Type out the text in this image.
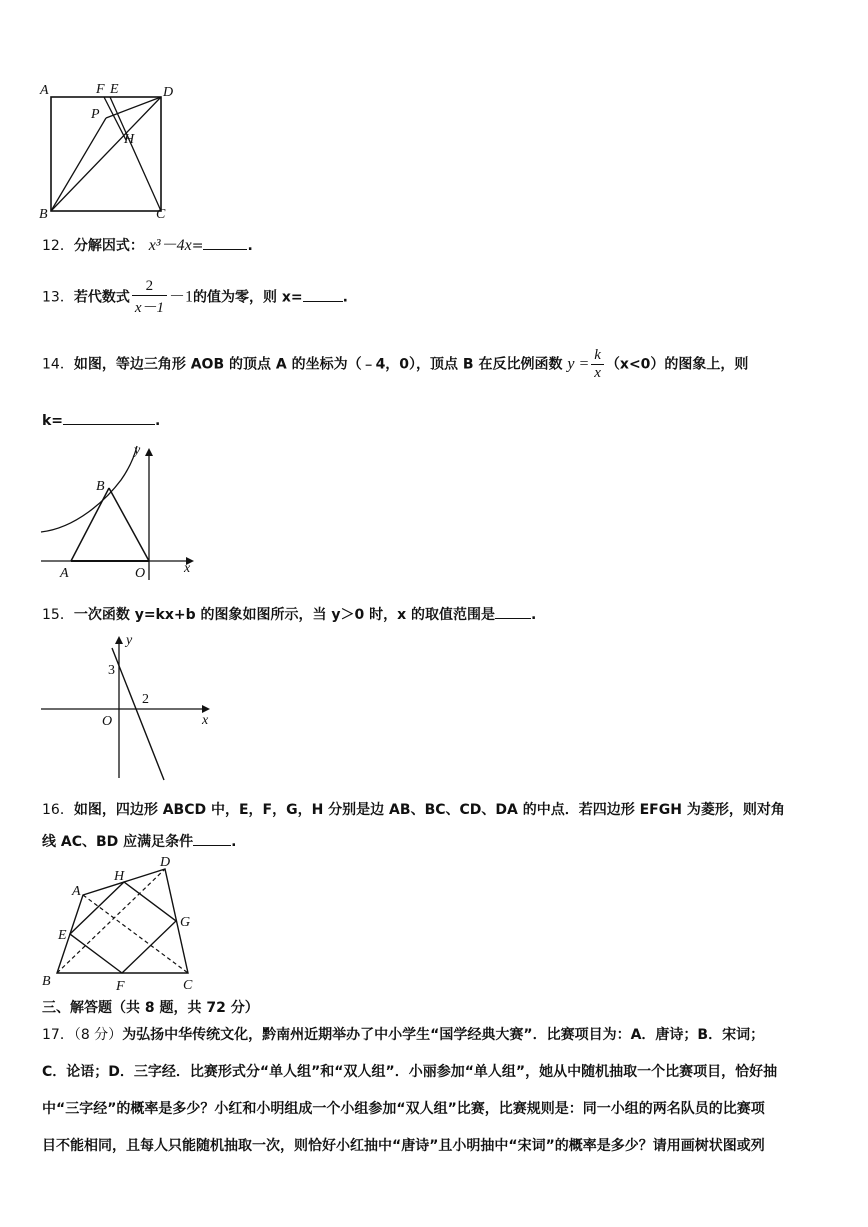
A	F E	D
P
H
B	C
12．分解因式： x³－4x=	.
13．若代数式 $\frac{2}{x-1} -1$的值为零，则 x=	.
14．如图，等边三角形 AOB 的顶点 A 的坐标为（﹣4，0），顶点 B 在反比例函数 $y = \frac{k}{x} (x<0)$的图象上，则
k=	.
y
B
A	O	x
15．一次函数 y=kx+b 的图象如图所示，当 y＞0 时，x 的取值范围是	.
y
3
2
O	x
16．如图，四边形 ABCD 中，E，F，G，H 分别是边 AB、BC、CD、DA 的中点．若四边形 EFGH 为菱形，则对角
线 AC、BD 应满足条件	.
D
H
A
G
E
B	F	C
三、解答题（共 8 题，共 72 分）
17．（8 分）为弘扬中华传统文化，黔南州近期举办了中小学生“国学经典大赛”．比赛项目为：A．唐诗；B．宋词；
C．论语；D．三字经．比赛形式分“单人组”和“双人组”．小丽参加“单人组”，她从中随机抽取一个比赛项目，恰好抽
中“三字经”的概率是多少？小红和小明组成一个小组参加“双人组”比赛，比赛规则是：同一小组的两名队员的比赛项
目不能相同，且每人只能随机抽取一次，则恰好小红抽中“唐诗”且小明抽中“宋词”的概率是多少？请用画树状图或列
